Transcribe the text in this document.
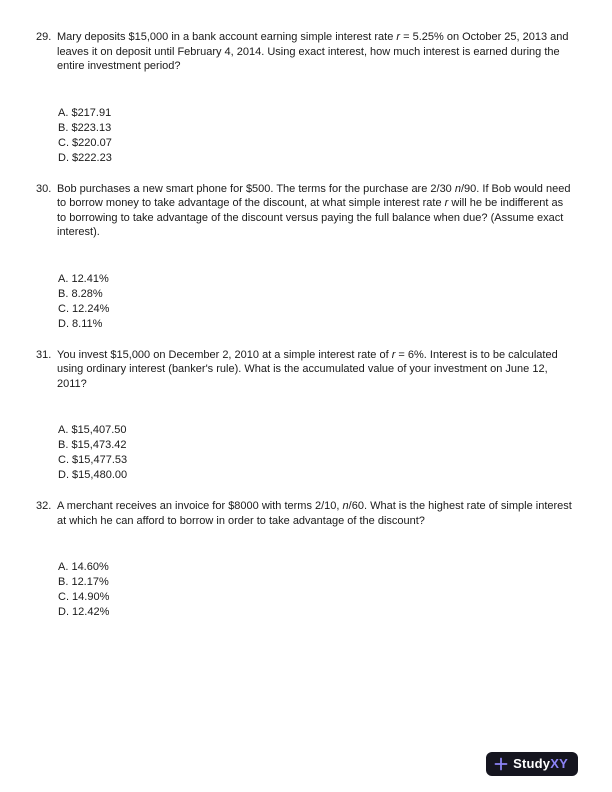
29. Mary deposits $15,000 in a bank account earning simple interest rate r = 5.25% on October 25, 2013 and leaves it on deposit until February 4, 2014. Using exact interest, how much interest is earned during the entire investment period?

A. $217.91
B. $223.13
C. $220.07
D. $222.23
30. Bob purchases a new smart phone for $500. The terms for the purchase are 2/30 n/90. If Bob would need to borrow money to take advantage of the discount, at what simple interest rate r will he be indifferent as to borrowing to take advantage of the discount versus paying the full balance when due? (Assume exact interest).

A. 12.41%
B. 8.28%
C. 12.24%
D. 8.11%
31. You invest $15,000 on December 2, 2010 at a simple interest rate of r = 6%. Interest is to be calculated using ordinary interest (banker's rule). What is the accumulated value of your investment on June 12, 2011?

A. $15,407.50
B. $15,473.42
C. $15,477.53
D. $15,480.00
32. A merchant receives an invoice for $8000 with terms 2/10, n/60. What is the highest rate of simple interest at which he can afford to borrow in order to take advantage of the discount?

A. 14.60%
B. 12.17%
C. 14.90%
D. 12.42%
StudyXY
